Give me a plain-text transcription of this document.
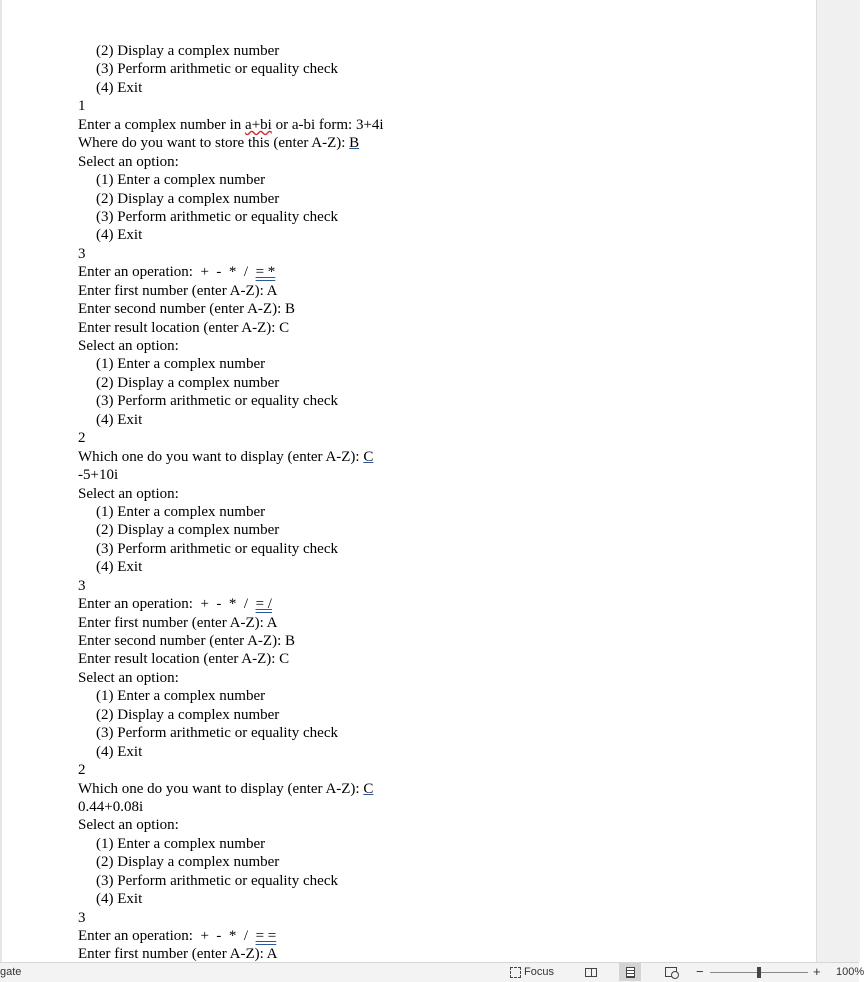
(2) Display a complex number
(3) Perform arithmetic or equality check
(4) Exit
1
Enter a complex number in a+bi or a-bi form: 3+4i
Where do you want to store this (enter A-Z): B
Select an option:
(1) Enter a complex number
(2) Display a complex number
(3) Perform arithmetic or equality check
(4) Exit
3
Enter an operation:  +  -  *  /  = *
Enter first number (enter A-Z): A
Enter second number (enter A-Z): B
Enter result location (enter A-Z): C
Select an option:
(1) Enter a complex number
(2) Display a complex number
(3) Perform arithmetic or equality check
(4) Exit
2
Which one do you want to display (enter A-Z): C
-5+10i
Select an option:
(1) Enter a complex number
(2) Display a complex number
(3) Perform arithmetic or equality check
(4) Exit
3
Enter an operation:  +  -  *  /  = /
Enter first number (enter A-Z): A
Enter second number (enter A-Z): B
Enter result location (enter A-Z): C
Select an option:
(1) Enter a complex number
(2) Display a complex number
(3) Perform arithmetic or equality check
(4) Exit
2
Which one do you want to display (enter A-Z): C
0.44+0.08i
Select an option:
(1) Enter a complex number
(2) Display a complex number
(3) Perform arithmetic or equality check
(4) Exit
3
Enter an operation:  +  -  *  /  = =
Enter first number (enter A-Z): A
gate	Focus	−	+ 100%
